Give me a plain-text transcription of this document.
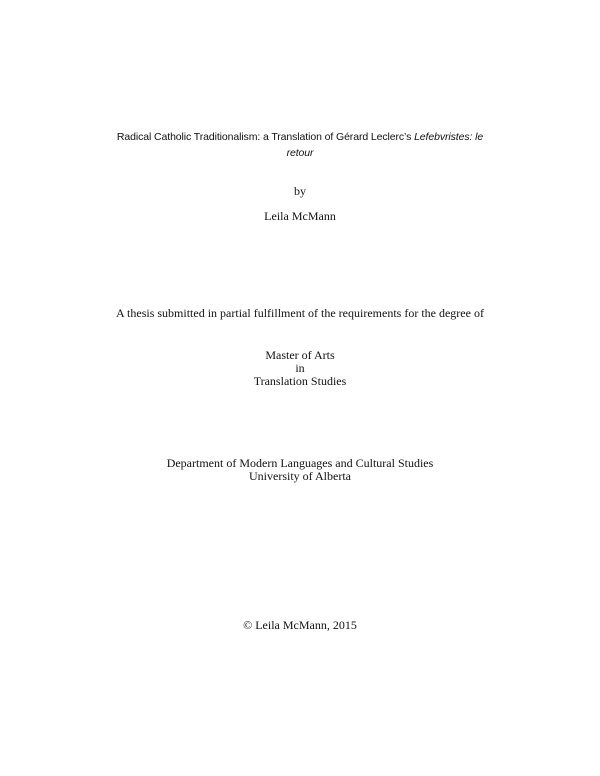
Radical Catholic Traditionalism: a Translation of Gérard Leclerc’s Lefebvristes: le
retour
by
Leila McMann
A thesis submitted in partial fulfillment of the requirements for the degree of
Master of Arts
in
Translation Studies
Department of Modern Languages and Cultural Studies
University of Alberta
© Leila McMann, 2015
